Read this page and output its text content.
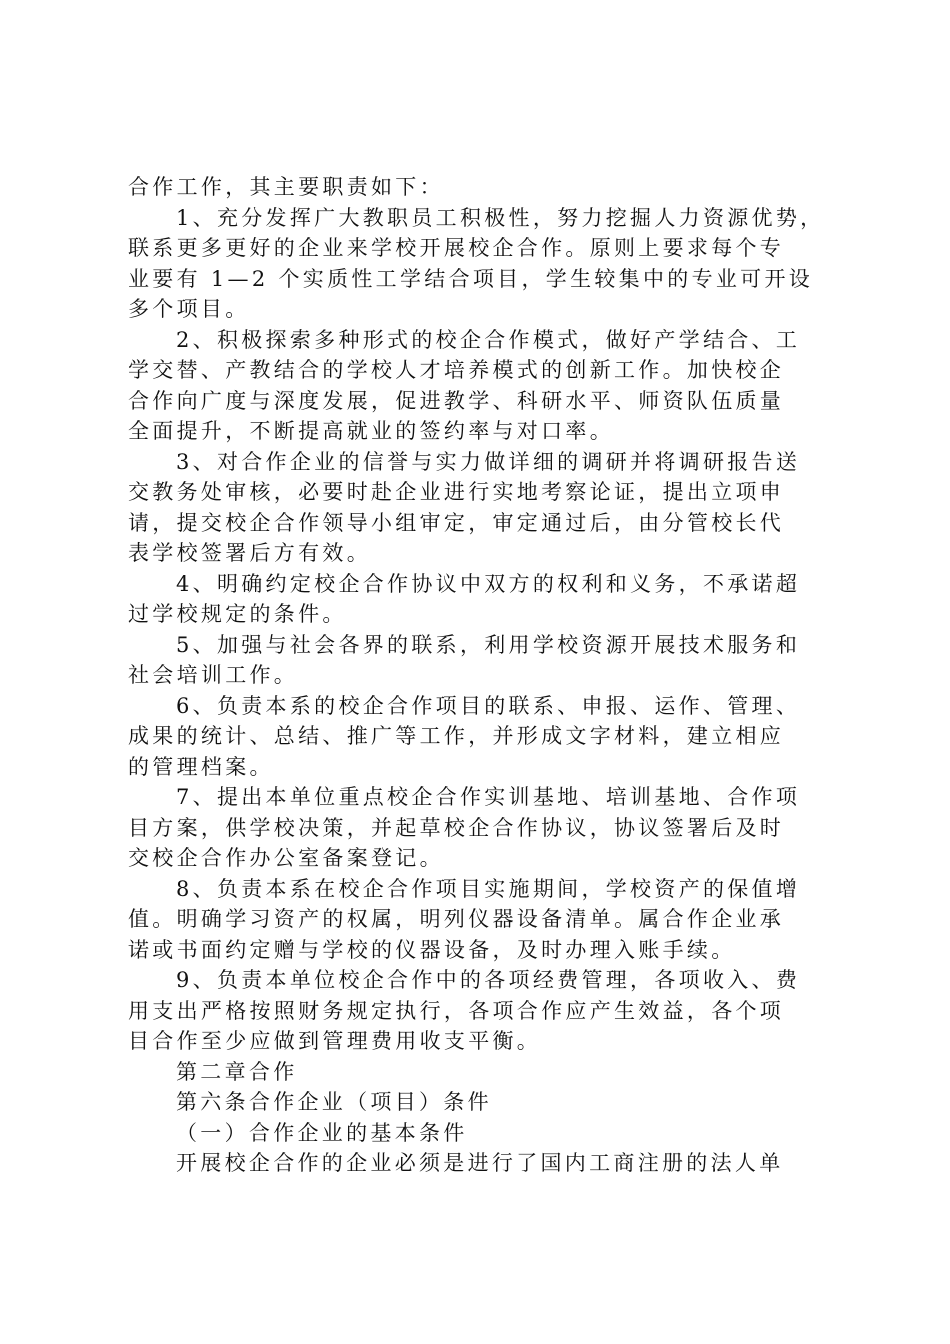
合作工作，其主要职责如下：
1、充分发挥广大教职员工积极性，努力挖掘人力资源优势，
联系更多更好的企业来学校开展校企合作。原则上要求每个专
业要有 1—2 个实质性工学结合项目，学生较集中的专业可开设
多个项目。
2、积极探索多种形式的校企合作模式，做好产学结合、工
学交替、产教结合的学校人才培养模式的创新工作。加快校企
合作向广度与深度发展，促进教学、科研水平、师资队伍质量
全面提升，不断提高就业的签约率与对口率。
3、对合作企业的信誉与实力做详细的调研并将调研报告送
交教务处审核，必要时赴企业进行实地考察论证，提出立项申
请，提交校企合作领导小组审定，审定通过后，由分管校长代
表学校签署后方有效。
4、明确约定校企合作协议中双方的权利和义务，不承诺超
过学校规定的条件。
5、加强与社会各界的联系，利用学校资源开展技术服务和
社会培训工作。
6、负责本系的校企合作项目的联系、申报、运作、管理、
成果的统计、总结、推广等工作，并形成文字材料，建立相应
的管理档案。
7、提出本单位重点校企合作实训基地、培训基地、合作项
目方案，供学校决策，并起草校企合作协议，协议签署后及时
交校企合作办公室备案登记。
8、负责本系在校企合作项目实施期间，学校资产的保值增
值。明确学习资产的权属，明列仪器设备清单。属合作企业承
诺或书面约定赠与学校的仪器设备，及时办理入账手续。
9、负责本单位校企合作中的各项经费管理，各项收入、费
用支出严格按照财务规定执行，各项合作应产生效益，各个项
目合作至少应做到管理费用收支平衡。
第二章合作
第六条合作企业（项目）条件
（一）合作企业的基本条件
开展校企合作的企业必须是进行了国内工商注册的法人单
